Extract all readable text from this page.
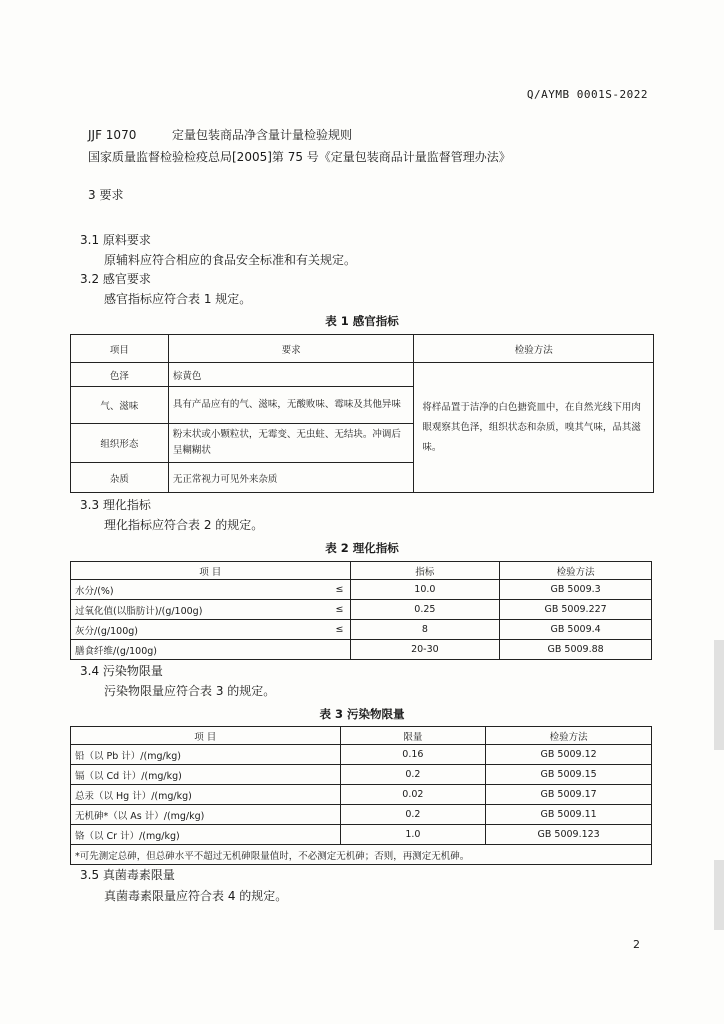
Q/AYMB 0001S-2022
JJF 1070	定量包装商品净含量计量检验规则
国家质量监督检验检疫总局[2005]第 75 号《定量包装商品计量监督管理办法》
3 要求
3.1 原料要求
原辅料应符合相应的食品安全标准和有关规定。
3.2 感官要求
感官指标应符合表 1 规定。
表 1 感官指标
项目	要求	检验方法
色泽	棕黄色	将样品置于洁净的白色搪瓷皿中，在自然光线下用肉眼观察其色泽，组织状态和杂质，嗅其气味，品其滋味。
气、滋味	具有产品应有的气、滋味，无酸败味、霉味及其他异味	
组织形态	粉末状或小颗粒状，无霉变、无虫蛀、无结块。冲调后呈糊糊状	
杂质	无正常视力可见外来杂质	
3.3 理化指标
理化指标应符合表 2 的规定。
表 2 理化指标
项 目		指标	检验方法
水分/(%)	≤	10.0	GB 5009.3
过氧化值(以脂肪计)/(g/100g)	≤	0.25	GB 5009.227
灰分/(g/100g)	≤	8	GB 5009.4
膳食纤维/(g/100g)		20-30	GB 5009.88
3.4 污染物限量
污染物限量应符合表 3 的规定。
表 3 污染物限量
项 目	限量	检验方法
铅（以 Pb 计）/(mg/kg)	0.16	GB 5009.12
镉（以 Cd 计）/(mg/kg)	0.2	GB 5009.15
总汞（以 Hg 计）/(mg/kg)	0.02	GB 5009.17
无机砷*（以 As 计）/(mg/kg)	0.2	GB 5009.11
铬（以 Cr 计）/(mg/kg)	1.0	GB 5009.123
*可先测定总砷，但总砷水平不超过无机砷限量值时，不必测定无机砷；否则，再测定无机砷。		
3.5 真菌毒素限量
真菌毒素限量应符合表 4 的规定。
2
